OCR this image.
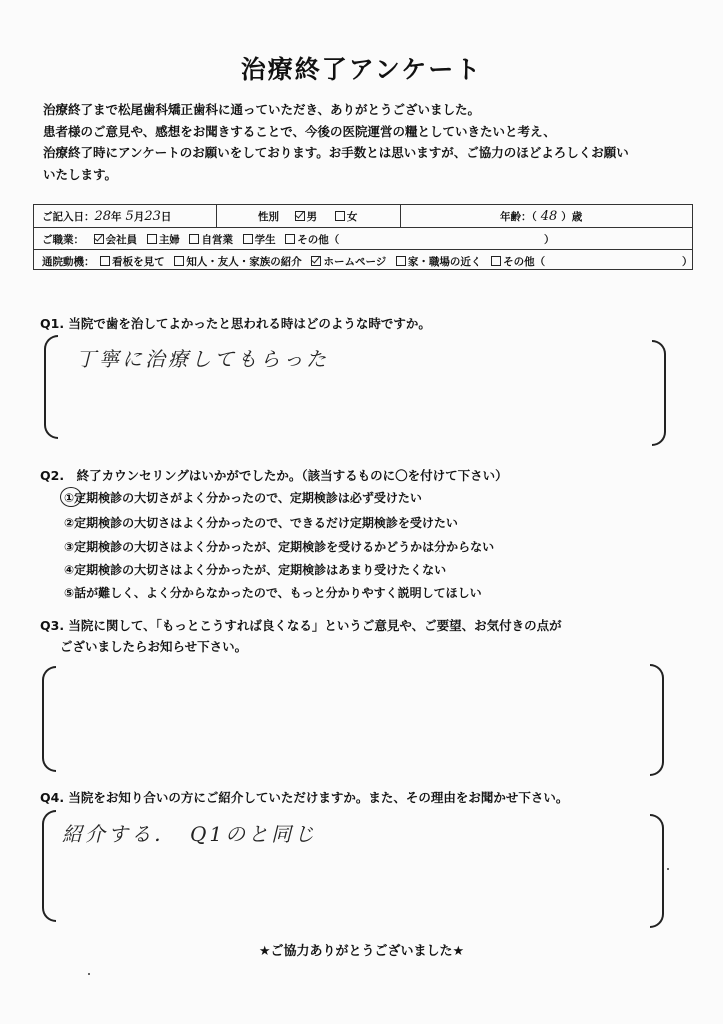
治療終了アンケート
治療終了まで松尾歯科矯正歯科に通っていただき、ありがとうございました。
患者様のご意見や、感想をお聞きすることで、今後の医院運営の糧としていきたいと考え、
治療終了時にアンケートのお願いをしております。お手数とは思いますが、ご協力のほどよろしくお願い
いたします。
ご記入日：28年 5月23日	性別	男	女	年齢：（ 48 ）歳
ご職業： 会社員 主婦 自営業 学生 その他（	）
通院動機： 看板を見て 知人・友人・家族の紹介 ホームページ 家・職場の近く その他（	）
Q1. 当院で歯を治してよかったと思われる時はどのような時ですか。
丁寧に治療してもらった
Q2.　終了カウンセリングはいかがでしたか。（該当するものに〇を付けて下さい）
①定期検診の大切さがよく分かったので、定期検診は必ず受けたい
②定期検診の大切さはよく分かったので、できるだけ定期検診を受けたい
③定期検診の大切さはよく分かったが、定期検診を受けるかどうかは分からない
④定期検診の大切さはよく分かったが、定期検診はあまり受けたくない
⑤話が難しく、よく分からなかったので、もっと分かりやすく説明してほしい
Q3. 当院に関して、「もっとこうすれば良くなる」というご意見や、ご要望、お気付きの点が
ございましたらお知らせ下さい。
Q4. 当院をお知り合いの方にご紹介していただけますか。また、その理由をお聞かせ下さい。
紹介する．　Q1のと同じ
★ご協力ありがとうございました★
